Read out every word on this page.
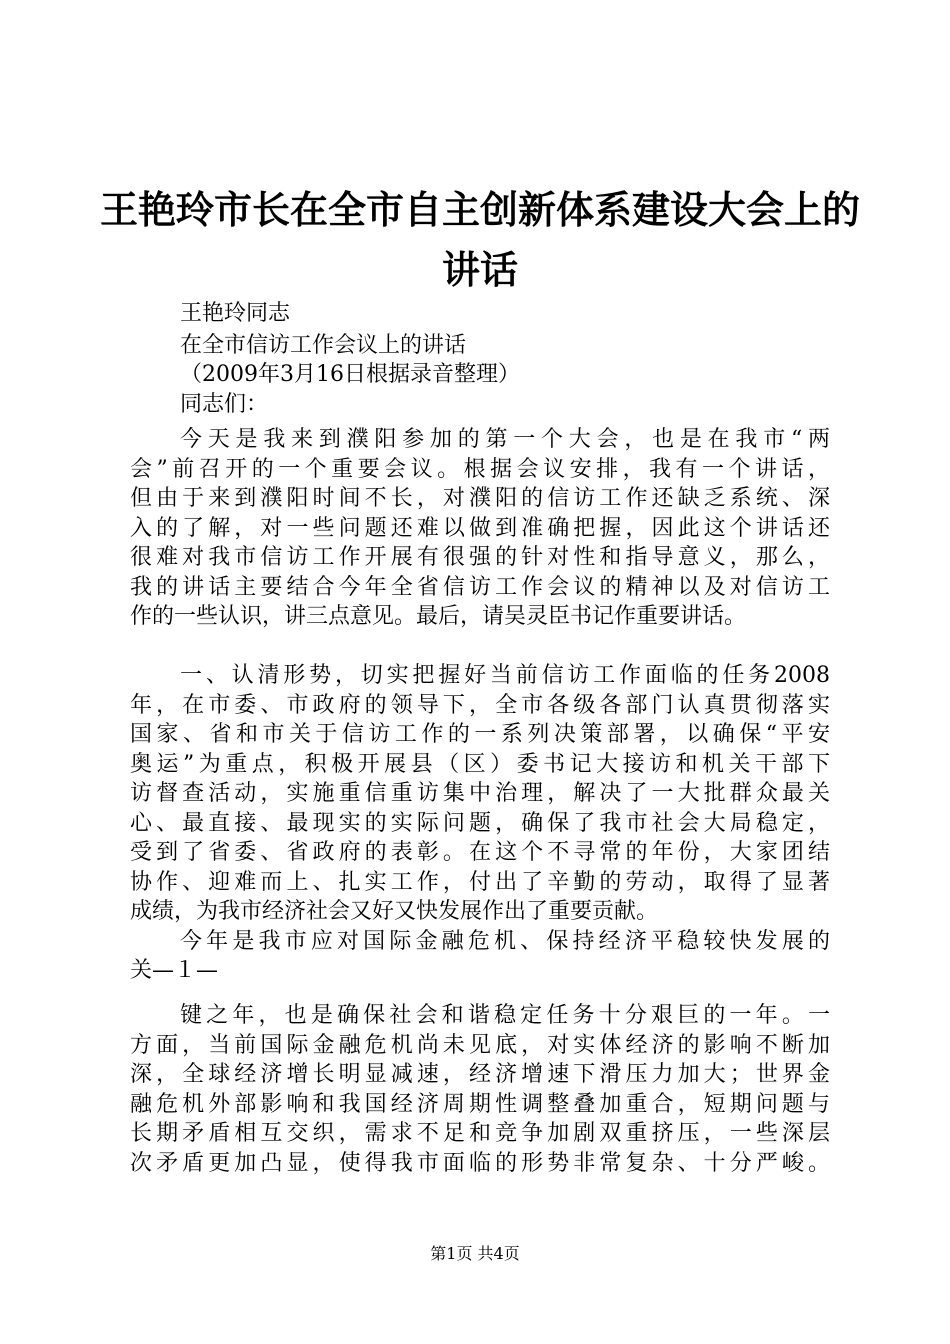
王艳玲市长在全市自主创新体系建设大会上的
讲话
王艳玲同志
在全市信访工作会议上的讲话
（2009年3月16日根据录音整理）
同志们：
今天是我来到濮阳参加的第一个大会，也是在我市“两
会”前召开的一个重要会议。根据会议安排，我有一个讲话，
但由于来到濮阳时间不长，对濮阳的信访工作还缺乏系统、深
入的了解，对一些问题还难以做到准确把握，因此这个讲话还
很难对我市信访工作开展有很强的针对性和指导意义，那么，
我的讲话主要结合今年全省信访工作会议的精神以及对信访工
作的一些认识，讲三点意见。最后，请吴灵臣书记作重要讲话。
一、认清形势，切实把握好当前信访工作面临的任务2008
年，在市委、市政府的领导下，全市各级各部门认真贯彻落实
国家、省和市关于信访工作的一系列决策部署，以确保“平安
奥运”为重点，积极开展县（区）委书记大接访和机关干部下
访督查活动，实施重信重访集中治理，解决了一大批群众最关
心、最直接、最现实的实际问题，确保了我市社会大局稳定，
受到了省委、省政府的表彰。在这个不寻常的年份，大家团结
协作、迎难而上、扎实工作，付出了辛勤的劳动，取得了显著
成绩，为我市经济社会又好又快发展作出了重要贡献。
今年是我市应对国际金融危机、保持经济平稳较快发展的
关—１—
键之年，也是确保社会和谐稳定任务十分艰巨的一年。一
方面，当前国际金融危机尚未见底，对实体经济的影响不断加
深，全球经济增长明显减速，经济增速下滑压力加大；世界金
融危机外部影响和我国经济周期性调整叠加重合，短期问题与
长期矛盾相互交织，需求不足和竞争加剧双重挤压，一些深层
次矛盾更加凸显，使得我市面临的形势非常复杂、十分严峻。
第1页 共4页
